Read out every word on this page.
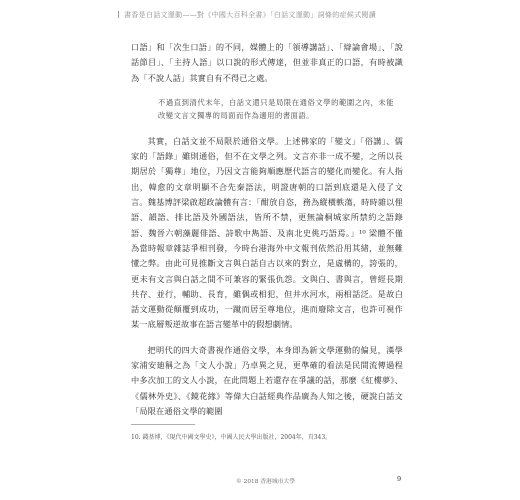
書香是白話文運動——對《中國大百科全書》「白話文運動」詞條的症候式閱讀

口語」和「次生口語」的不同，媒體上的「領導講話」、「辯論會場」、「說話節目」、「主持人語」以口說的形式傳達，但並非真正的口語，有時被識為「不說人話」其實自有不得已之處。

不過直到清代末年，白話文還只是局限在通俗文學的範圍之內，未能改變文言文獨專的局面而作為適用的書面語。

其實，白話文並不局限於通俗文學。上述佛家的「變文」「俗講」、儒家的「語錄」雖則通俗，但不在文學之列。文言亦非一成不變，之所以長期居於「獨尊」地位，乃因文言能夠順應歷代語言的變化而變化。有人指出，韓愈的文章明顯不合先秦語法，明證唐朝的口語到底還是入侵了文言。魏基博評梁啟超政論體有言：「酣放自恣，務為縱橫軼蕩，時時雜以俚語、韻語、排比語及外國語法，皆所不禁，更無論桐城家所禁約之語錄語、魏晉六朝藻麗俳語、詩歌中雋語、及南北史佻巧語焉。」¹⁰ 梁體不僅為當時報章雜誌爭相刊發，今時台港海外中文報刊依然沿用其緒，並無難懂之弊。由此可見推斷文言與白話自古以來的對立，是虛構的，誇張的，更未有文言與白話之間不可兼容的緊張仇怨。文與白、書與言，曾經長期共存、並行，輔助、長育，雖偶或相犯，但井水河水，兩相話泛。是故白話文運動從顛覆到成功，一蹴而居至尊地位，進而廢除文言，也許可視作某一底層叛逆故事在語言變革中的假想劇情。

把明代的四大奇書視作通俗文學，本身即為新文學運動的偏見，漢學家浦安廸稱之為「文人小說」乃卓異之見，更準確的看法是民間流傳過程中多次加工的文人小說，在此問題上若還存在爭議的話，那麼《紅樓夢》、《儒林外史》、《鏡花緣》等偉大白話經典作品廣為人知之後，硬說白話文「局限在通俗文學的範圍

10. 錢基博，《現代中國文學史》，中國人民大學出版社，2004年，頁343。
© 2018 香港城市大學	9
